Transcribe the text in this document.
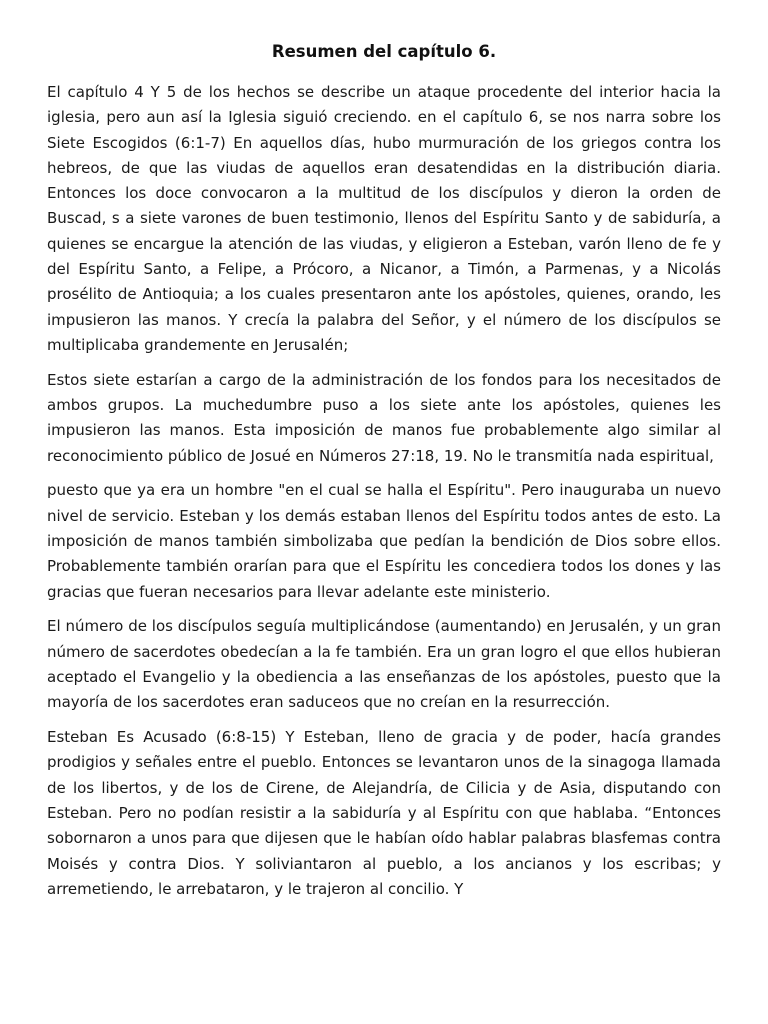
Resumen del capítulo 6.

El capítulo 4 Y 5 de los hechos se describe un ataque procedente del interior hacia la iglesia, pero aun así la Iglesia siguió creciendo. en el capítulo 6, se nos narra sobre los Siete Escogidos (6:1-7) En aquellos días, hubo murmuración de los griegos contra los hebreos, de que las viudas de aquellos eran desatendidas en la distribución diaria. Entonces los doce convocaron a la multitud de los discípulos y dieron la orden de Buscad, s a siete varones de buen testimonio, llenos del Espíritu Santo y de sabiduría, a quienes se encargue la atención de las viudas, y eligieron a Esteban, varón lleno de fe y del Espíritu Santo, a Felipe, a Prócoro, a Nicanor, a Timón, a Parmenas, y a Nicolás prosélito de Antioquia; a los cuales presentaron ante los apóstoles, quienes, orando, les impusieron las manos. Y crecía la palabra del Señor, y el número de los discípulos se multiplicaba grandemente en Jerusalén;

Estos siete estarían a cargo de la administración de los fondos para los necesitados de ambos grupos. La muchedumbre puso a los siete ante los apóstoles, quienes les impusieron las manos. Esta imposición de manos fue probablemente algo similar al reconocimiento público de Josué en Números 27:18, 19. No le transmitía nada espiritual,

puesto que ya era un hombre "en el cual se halla el Espíritu". Pero inauguraba un nuevo nivel de servicio. Esteban y los demás estaban llenos del Espíritu todos antes de esto. La imposición de manos también simbolizaba que pedían la bendición de Dios sobre ellos. Probablemente también orarían para que el Espíritu les concediera todos los dones y las gracias que fueran necesarios para llevar adelante este ministerio.

El número de los discípulos seguía multiplicándose (aumentando) en Jerusalén, y un gran número de sacerdotes obedecían a la fe también. Era un gran logro el que ellos hubieran aceptado el Evangelio y la obediencia a las enseñanzas de los apóstoles, puesto que la mayoría de los sacerdotes eran saduceos que no creían en la resurrección.

Esteban Es Acusado (6:8-15) Y Esteban, lleno de gracia y de poder, hacía grandes prodigios y señales entre el pueblo. Entonces se levantaron unos de la sinagoga llamada de los libertos, y de los de Cirene, de Alejandría, de Cilicia y de Asia, disputando con Esteban. Pero no podían resistir a la sabiduría y al Espíritu con que hablaba. “Entonces sobornaron a unos para que dijesen que le habían oído hablar palabras blasfemas contra Moisés y contra Dios. Y soliviantaron al pueblo, a los ancianos y los escribas; y arremetiendo, le arrebataron, y le trajeron al concilio. Y
